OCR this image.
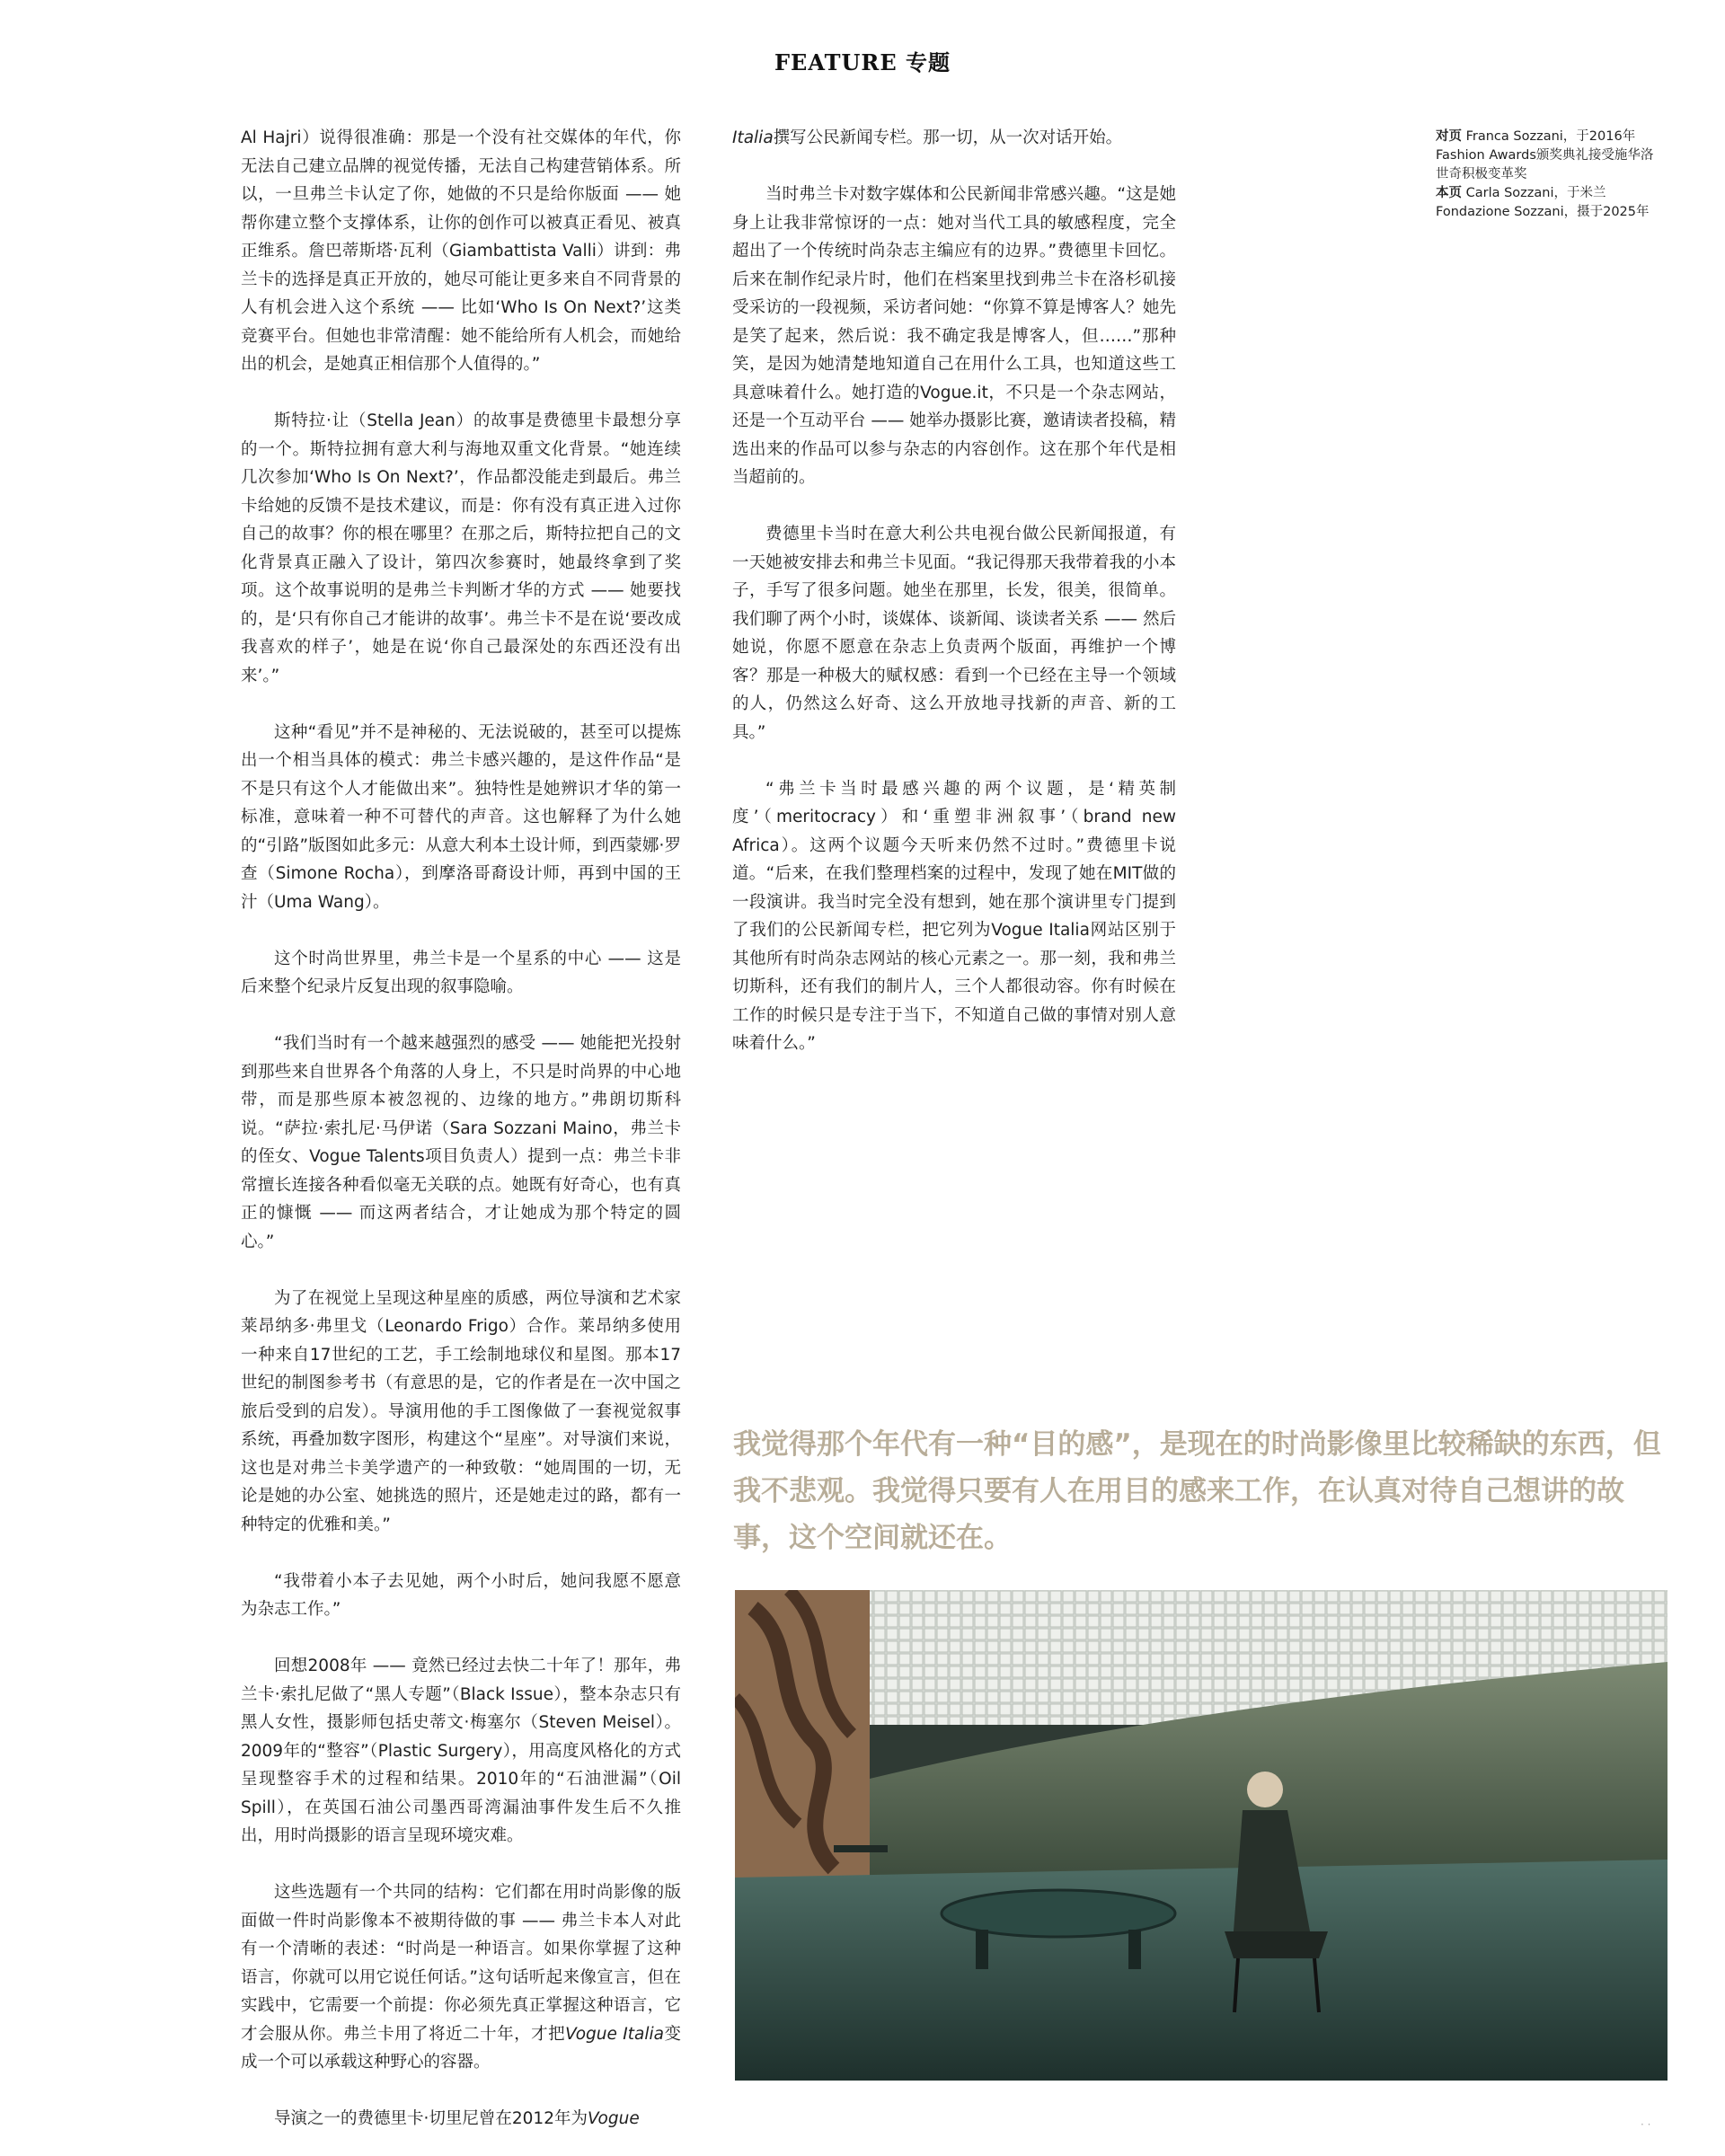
FEATURE 专题

Al Hajri）说得很准确：那是一个没有社交媒体的年代，你无法自己建立品牌的视觉传播，无法自己构建营销体系。所以，一旦弗兰卡认定了你，她做的不只是给你版面 —— 她帮你建立整个支撑体系，让你的创作可以被真正看见、被真正维系。詹巴蒂斯塔·瓦利（Giambattista Valli）讲到：弗兰卡的选择是真正开放的，她尽可能让更多来自不同背景的人有机会进入这个系统 —— 比如‘Who Is On Next?’这类竞赛平台。但她也非常清醒：她不能给所有人机会，而她给出的机会，是她真正相信那个人值得的。”

斯特拉·让（Stella Jean）的故事是费德里卡最想分享的一个。斯特拉拥有意大利与海地双重文化背景。“她连续几次参加‘Who Is On Next?’，作品都没能走到最后。弗兰卡给她的反馈不是技术建议，而是：你有没有真正进入过你自己的故事？你的根在哪里？在那之后，斯特拉把自己的文化背景真正融入了设计，第四次参赛时，她最终拿到了奖项。这个故事说明的是弗兰卡判断才华的方式 —— 她要找的，是‘只有你自己才能讲的故事’。弗兰卡不是在说‘要改成我喜欢的样子’，她是在说‘你自己最深处的东西还没有出来’。”

这种“看见”并不是神秘的、无法说破的，甚至可以提炼出一个相当具体的模式：弗兰卡感兴趣的，是这件作品“是不是只有这个人才能做出来”。独特性是她辨识才华的第一标准，意味着一种不可替代的声音。这也解释了为什么她的“引路”版图如此多元：从意大利本土设计师，到西蒙娜·罗查（Simone Rocha），到摩洛哥裔设计师，再到中国的王汁（Uma Wang）。

这个时尚世界里，弗兰卡是一个星系的中心 —— 这是后来整个纪录片反复出现的叙事隐喻。

“我们当时有一个越来越强烈的感受 —— 她能把光投射到那些来自世界各个角落的人身上，不只是时尚界的中心地带，而是那些原本被忽视的、边缘的地方。”弗朗切斯科说。“萨拉·索扎尼·马伊诺（Sara Sozzani Maino，弗兰卡的侄女、Vogue Talents项目负责人）提到一点：弗兰卡非常擅长连接各种看似毫无关联的点。她既有好奇心，也有真正的慷慨 —— 而这两者结合，才让她成为那个特定的圆心。”

为了在视觉上呈现这种星座的质感，两位导演和艺术家莱昂纳多·弗里戈（Leonardo Frigo）合作。莱昂纳多使用一种来自17世纪的工艺，手工绘制地球仪和星图。那本17世纪的制图参考书（有意思的是，它的作者是在一次中国之旅后受到的启发）。导演用他的手工图像做了一套视觉叙事系统，再叠加数字图形，构建这个“星座”。对导演们来说，这也是对弗兰卡美学遗产的一种致敬：“她周围的一切，无论是她的办公室、她挑选的照片，还是她走过的路，都有一种特定的优雅和美。”

“我带着小本子去见她，两个小时后，她问我愿不愿意为杂志工作。”

回想2008年 —— 竟然已经过去快二十年了！那年，弗兰卡·索扎尼做了“黑人专题”（Black Issue），整本杂志只有黑人女性，摄影师包括史蒂文·梅塞尔（Steven Meisel）。2009年的“整容”（Plastic Surgery），用高度风格化的方式呈现整容手术的过程和结果。2010年的“石油泄漏”（Oil Spill），在英国石油公司墨西哥湾漏油事件发生后不久推出，用时尚摄影的语言呈现环境灾难。

这些选题有一个共同的结构：它们都在用时尚影像的版面做一件时尚影像本不被期待做的事 —— 弗兰卡本人对此有一个清晰的表述：“时尚是一种语言。如果你掌握了这种语言，你就可以用它说任何话。”这句话听起来像宣言，但在实践中，它需要一个前提：你必须先真正掌握这种语言，它才会服从你。弗兰卡用了将近二十年，才把Vogue Italia变成一个可以承载这种野心的容器。

导演之一的费德里卡·切里尼曾在2012年为Vogue

Italia撰写公民新闻专栏。那一切，从一次对话开始。

当时弗兰卡对数字媒体和公民新闻非常感兴趣。“这是她身上让我非常惊讶的一点：她对当代工具的敏感程度，完全超出了一个传统时尚杂志主编应有的边界。”费德里卡回忆。后来在制作纪录片时，他们在档案里找到弗兰卡在洛杉矶接受采访的一段视频，采访者问她：“你算不算是博客人？她先是笑了起来，然后说：我不确定我是博客人，但……”那种笑，是因为她清楚地知道自己在用什么工具，也知道这些工具意味着什么。她打造的Vogue.it，不只是一个杂志网站，还是一个互动平台 —— 她举办摄影比赛，邀请读者投稿，精选出来的作品可以参与杂志的内容创作。这在那个年代是相当超前的。

费德里卡当时在意大利公共电视台做公民新闻报道，有一天她被安排去和弗兰卡见面。“我记得那天我带着我的小本子，手写了很多问题。她坐在那里，长发，很美，很简单。我们聊了两个小时，谈媒体、谈新闻、谈读者关系 —— 然后她说，你愿不愿意在杂志上负责两个版面，再维护一个博客？那是一种极大的赋权感：看到一个已经在主导一个领域的人，仍然这么好奇、这么开放地寻找新的声音、新的工具。”

“弗兰卡当时最感兴趣的两个议题，是‘精英制度’（meritocracy）和‘重塑非洲叙事’（brand new Africa）。这两个议题今天听来仍然不过时。”费德里卡说道。“后来，在我们整理档案的过程中，发现了她在MIT做的一段演讲。我当时完全没有想到，她在那个演讲里专门提到了我们的公民新闻专栏，把它列为Vogue Italia网站区别于其他所有时尚杂志网站的核心元素之一。那一刻，我和弗兰切斯科，还有我们的制片人，三个人都很动容。你有时候在工作的时候只是专注于当下，不知道自己做的事情对别人意味着什么。”

对页 Franca Sozzani，于2016年Fashion Awards颁奖典礼接受施华洛世奇积极变革奖
本页 Carla Sozzani，于米兰Fondazione Sozzani，摄于2025年
我觉得那个年代有一种“目的感”，是现在的时尚影像里比较稀缺的东西，但我不悲观。我觉得只要有人在用目的感来工作，在认真对待自己想讲的故事，这个空间就还在。
· ·
